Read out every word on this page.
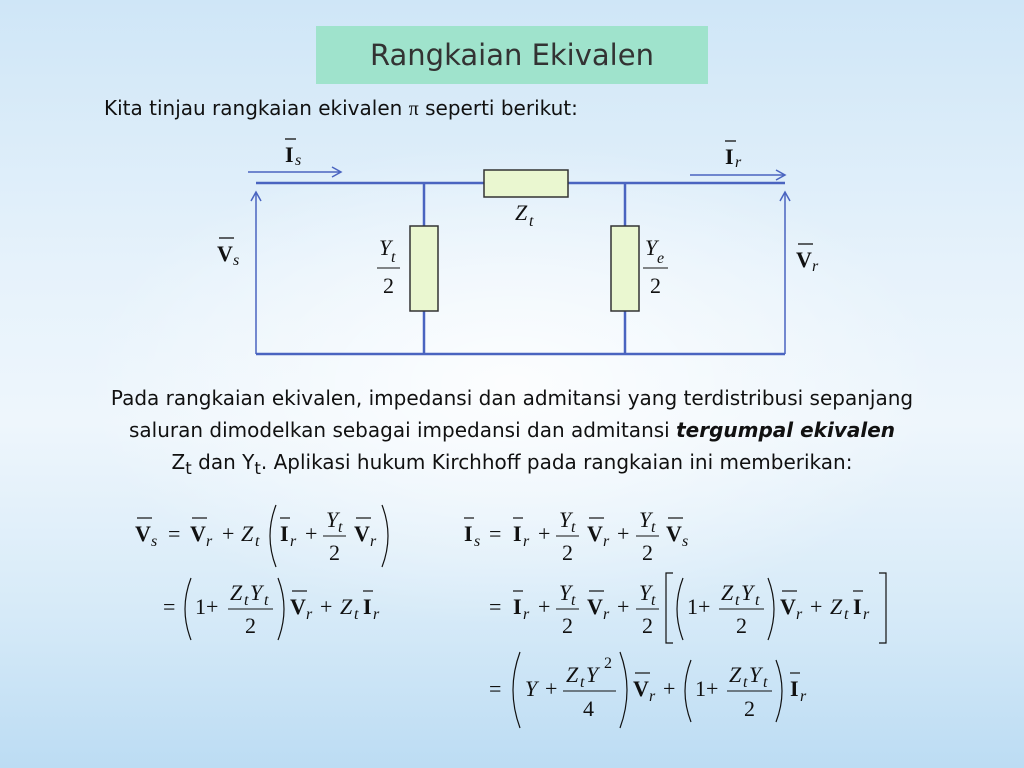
Rangkaian Ekivalen
Kita tinjau rangkaian ekivalen π seperti berikut:
I s	I r
V s	V r
Z t
Y t
2
Y e
2
Pada rangkaian ekivalen, impedansi dan admitansi yang terdistribusi sepanjang
saluran dimodelkan sebagai impedansi dan admitansi tergumpal ekivalen
$Z_t$ dan $Y_t$. Aplikasi hukum Kirchhoff pada rangkaian ini memberikan:
V s = V r + Z t I r +
Y t
2
V r
= 1+
Z t Y t
2
V r + Z t I r
I s = I r +
Y t
2
V r +
Y t
2
V s
= I r +
Y t
2
V r +
Y t
2
1+
Z t Y t
2
V r + Z t I r
= Y +
Z t Y 2
4
V r + 1+
Z t Y t
2
I r
